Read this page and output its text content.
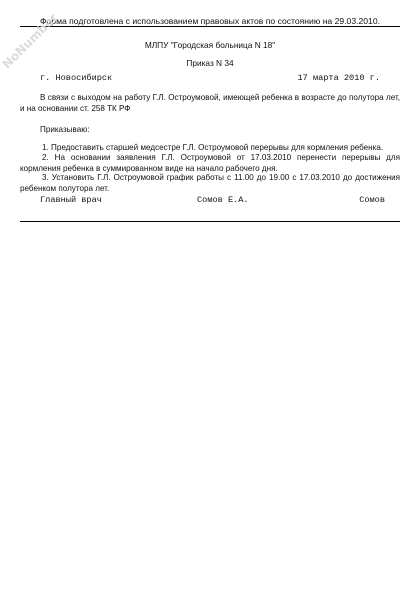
Форма подготовлена с использованием правовых актов по состоянию на 29.03.2010.
NoNumber	МЛПУ "Городская больница N 18"
Приказ N 34
г. Новосибирск	17 марта 2010 г.
В связи с выходом на работу Г.Л. Остроумовой, имеющей ребенка в возрасте до полутора лет, и на основании ст. 258 ТК РФ
Приказываю:
1. Предоставить старшей медсестре Г.Л. Остроумовой перерывы для кормления ребенка.
2. На основании заявления Г.Л. Остроумовой от 17.03.2010 перенести перерывы для кормления ребенка в суммированном виде на начало рабочего дня.
3. Установить Г.Л. Остроумовой график работы с 11.00 до 19.00 с 17.03.2010 до достижения ребенком полутора лет.
Главный врач	Сомов Е.А.	Сомов
